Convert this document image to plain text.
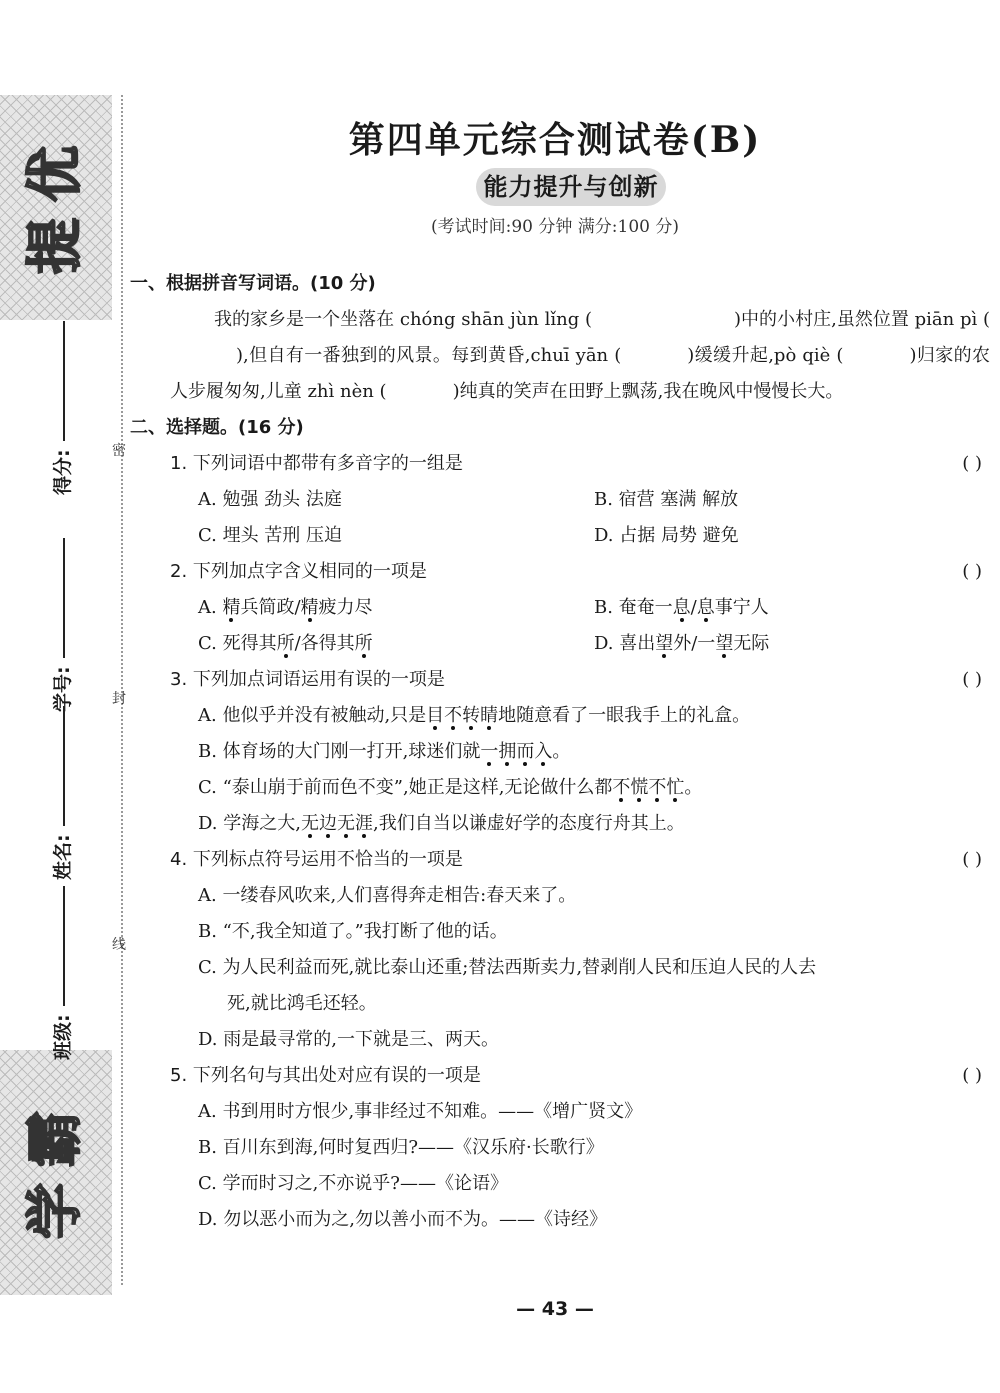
优
提
霸
学
得分:
学号:
姓名:
班级:
密
封
线
第四单元综合测试卷(B)
能力提升与创新
(考试时间:90 分钟 满分:100 分)
一、根据拼音写词语。(10 分)
我的家乡是一个坐落在 chóng shān jùn lǐng (	)中的小村庄,虽然位置 piān pì (),但自有一番独到的风景。每到黄昏,chuī yān (	)缓缓升起,pò qiè (	)归家的农人步履匆匆,儿童 zhì nèn (	)纯真的笑声在田野上飘荡,我在晚风中慢慢长大。
二、选择题。(16 分)
1. 下列词语中都带有多音字的一组是	( )
A. 勉强 劲头 法庭	B. 宿营 塞满 解放
C. 埋头 苦刑 压迫	D. 占据 局势 避免
2. 下列加点字含义相同的一项是	( )
A. 精兵简政/精疲力尽	B. 奄奄一息/息事宁人
C. 死得其所/各得其所	D. 喜出望外/一望无际
3. 下列加点词语运用有误的一项是	( )
A. 他似乎并没有被触动,只是目不转睛地随意看了一眼我手上的礼盒。
B. 体育场的大门刚一打开,球迷们就一拥而入。
C. “泰山崩于前而色不变”,她正是这样,无论做什么都不慌不忙。
D. 学海之大,无边无涯,我们自当以谦虚好学的态度行舟其上。
4. 下列标点符号运用不恰当的一项是	( )
A. 一缕春风吹来,人们喜得奔走相告:春天来了。
B. “不,我全知道了。”我打断了他的话。
C. 为人民利益而死,就比泰山还重;替法西斯卖力,替剥削人民和压迫人民的人去
死,就比鸿毛还轻。
D. 雨是最寻常的,一下就是三、两天。
5. 下列名句与其出处对应有误的一项是	( )
A. 书到用时方恨少,事非经过不知难。——《增广贤文》
B. 百川东到海,何时复西归?——《汉乐府·长歌行》
C. 学而时习之,不亦说乎?——《论语》
D. 勿以恶小而为之,勿以善小而不为。——《诗经》
— 43 —
